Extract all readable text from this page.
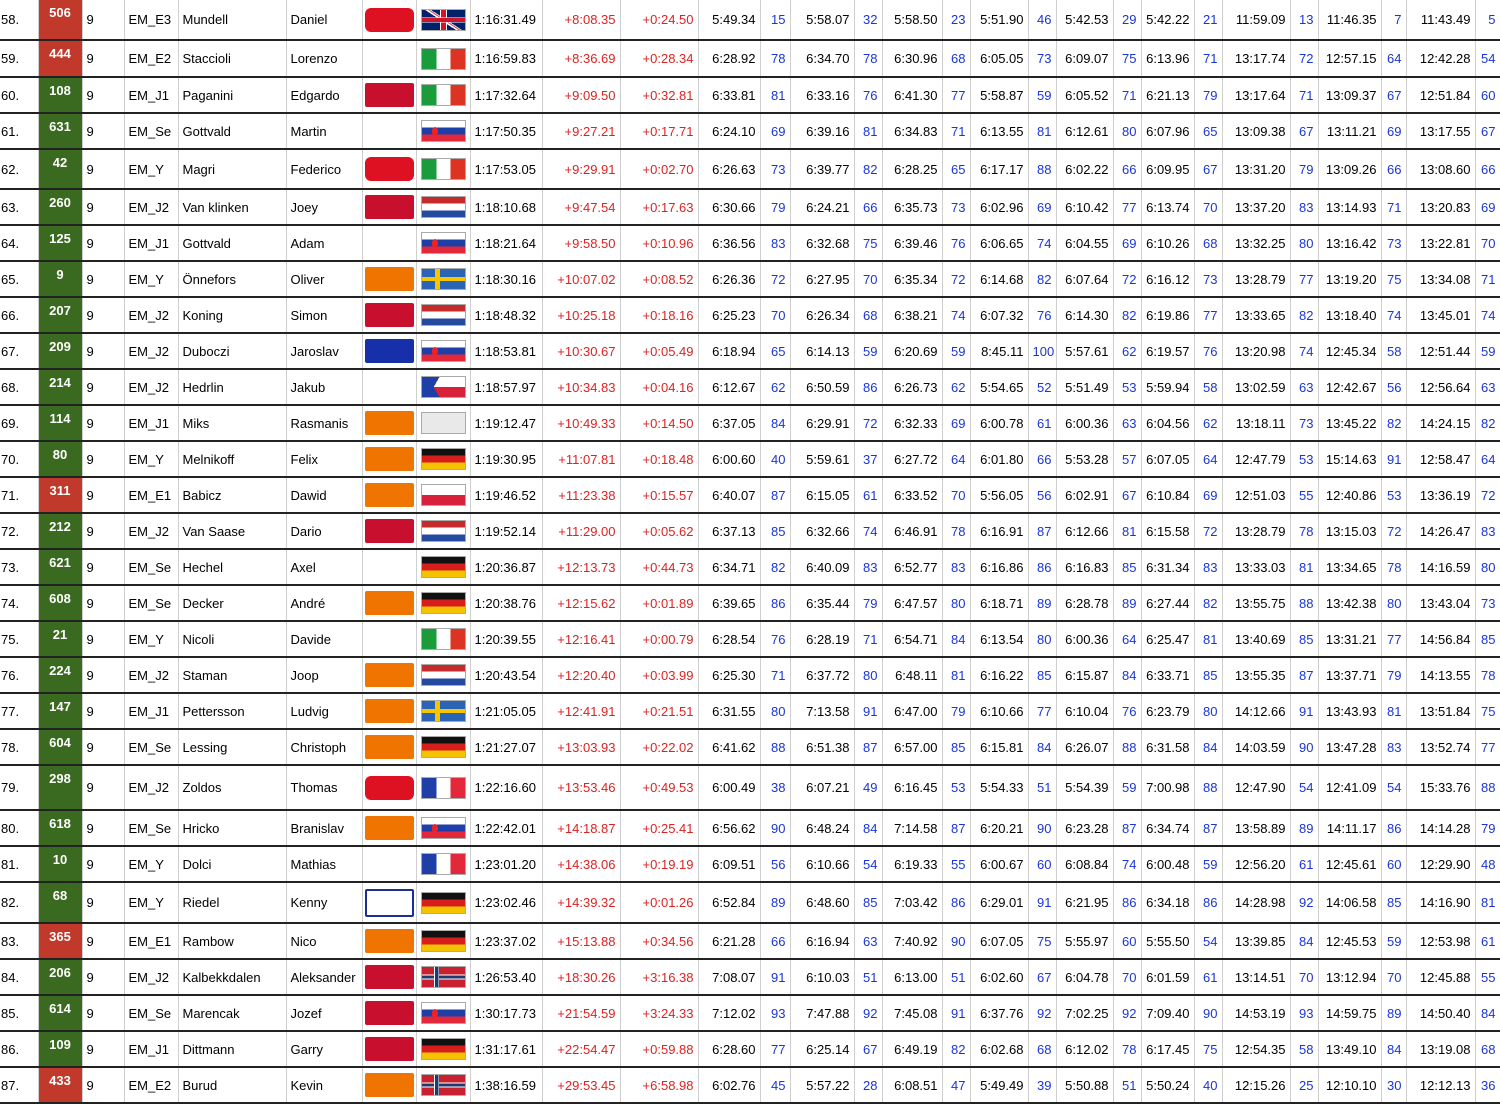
58.	506	9	EM_E3	Mundell	Daniel			1:16:31.49	+8:08.35	+0:24.50	5:49.34	15	5:58.07	32	5:58.50	23	5:51.90	46	5:42.53	29	5:42.22	21	11:59.09	13	11:46.35	7	11:43.49	5
59.	444	9	EM_E2	Staccioli	Lorenzo			1:16:59.83	+8:36.69	+0:28.34	6:28.92	78	6:34.70	78	6:30.96	68	6:05.05	73	6:09.07	75	6:13.96	71	13:17.74	72	12:57.15	64	12:42.28	54
60.	108	9	EM_J1	Paganini	Edgardo			1:17:32.64	+9:09.50	+0:32.81	6:33.81	81	6:33.16	76	6:41.30	77	5:58.87	59	6:05.52	71	6:21.13	79	13:17.64	71	13:09.37	67	12:51.84	60
61.	631	9	EM_Se	Gottvald	Martin			1:17:50.35	+9:27.21	+0:17.71	6:24.10	69	6:39.16	81	6:34.83	71	6:13.55	81	6:12.61	80	6:07.96	65	13:09.38	67	13:11.21	69	13:17.55	67
62.	42	9	EM_Y	Magri	Federico			1:17:53.05	+9:29.91	+0:02.70	6:26.63	73	6:39.77	82	6:28.25	65	6:17.17	88	6:02.22	66	6:09.95	67	13:31.20	79	13:09.26	66	13:08.60	66
63.	260	9	EM_J2	Van klinken	Joey			1:18:10.68	+9:47.54	+0:17.63	6:30.66	79	6:24.21	66	6:35.73	73	6:02.96	69	6:10.42	77	6:13.74	70	13:37.20	83	13:14.93	71	13:20.83	69
64.	125	9	EM_J1	Gottvald	Adam			1:18:21.64	+9:58.50	+0:10.96	6:36.56	83	6:32.68	75	6:39.46	76	6:06.65	74	6:04.55	69	6:10.26	68	13:32.25	80	13:16.42	73	13:22.81	70
65.	9	9	EM_Y	Önnefors	Oliver			1:18:30.16	+10:07.02	+0:08.52	6:26.36	72	6:27.95	70	6:35.34	72	6:14.68	82	6:07.64	72	6:16.12	73	13:28.79	77	13:19.20	75	13:34.08	71
66.	207	9	EM_J2	Koning	Simon			1:18:48.32	+10:25.18	+0:18.16	6:25.23	70	6:26.34	68	6:38.21	74	6:07.32	76	6:14.30	82	6:19.86	77	13:33.65	82	13:18.40	74	13:45.01	74
67.	209	9	EM_J2	Duboczi	Jaroslav			1:18:53.81	+10:30.67	+0:05.49	6:18.94	65	6:14.13	59	6:20.69	59	8:45.11	100	5:57.61	62	6:19.57	76	13:20.98	74	12:45.34	58	12:51.44	59
68.	214	9	EM_J2	Hedrlin	Jakub			1:18:57.97	+10:34.83	+0:04.16	6:12.67	62	6:50.59	86	6:26.73	62	5:54.65	52	5:51.49	53	5:59.94	58	13:02.59	63	12:42.67	56	12:56.64	63
69.	114	9	EM_J1	Miks	Rasmanis			1:19:12.47	+10:49.33	+0:14.50	6:37.05	84	6:29.91	72	6:32.33	69	6:00.78	61	6:00.36	63	6:04.56	62	13:18.11	73	13:45.22	82	14:24.15	82
70.	80	9	EM_Y	Melnikoff	Felix			1:19:30.95	+11:07.81	+0:18.48	6:00.60	40	5:59.61	37	6:27.72	64	6:01.80	66	5:53.28	57	6:07.05	64	12:47.79	53	15:14.63	91	12:58.47	64
71.	311	9	EM_E1	Babicz	Dawid			1:19:46.52	+11:23.38	+0:15.57	6:40.07	87	6:15.05	61	6:33.52	70	5:56.05	56	6:02.91	67	6:10.84	69	12:51.03	55	12:40.86	53	13:36.19	72
72.	212	9	EM_J2	Van Saase	Dario			1:19:52.14	+11:29.00	+0:05.62	6:37.13	85	6:32.66	74	6:46.91	78	6:16.91	87	6:12.66	81	6:15.58	72	13:28.79	78	13:15.03	72	14:26.47	83
73.	621	9	EM_Se	Hechel	Axel			1:20:36.87	+12:13.73	+0:44.73	6:34.71	82	6:40.09	83	6:52.77	83	6:16.86	86	6:16.83	85	6:31.34	83	13:33.03	81	13:34.65	78	14:16.59	80
74.	608	9	EM_Se	Decker	André			1:20:38.76	+12:15.62	+0:01.89	6:39.65	86	6:35.44	79	6:47.57	80	6:18.71	89	6:28.78	89	6:27.44	82	13:55.75	88	13:42.38	80	13:43.04	73
75.	21	9	EM_Y	Nicoli	Davide			1:20:39.55	+12:16.41	+0:00.79	6:28.54	76	6:28.19	71	6:54.71	84	6:13.54	80	6:00.36	64	6:25.47	81	13:40.69	85	13:31.21	77	14:56.84	85
76.	224	9	EM_J2	Staman	Joop			1:20:43.54	+12:20.40	+0:03.99	6:25.30	71	6:37.72	80	6:48.11	81	6:16.22	85	6:15.87	84	6:33.71	85	13:55.35	87	13:37.71	79	14:13.55	78
77.	147	9	EM_J1	Pettersson	Ludvig			1:21:05.05	+12:41.91	+0:21.51	6:31.55	80	7:13.58	91	6:47.00	79	6:10.66	77	6:10.04	76	6:23.79	80	14:12.66	91	13:43.93	81	13:51.84	75
78.	604	9	EM_Se	Lessing	Christoph			1:21:27.07	+13:03.93	+0:22.02	6:41.62	88	6:51.38	87	6:57.00	85	6:15.81	84	6:26.07	88	6:31.58	84	14:03.59	90	13:47.28	83	13:52.74	77
79.	298	9	EM_J2	Zoldos	Thomas			1:22:16.60	+13:53.46	+0:49.53	6:00.49	38	6:07.21	49	6:16.45	53	5:54.33	51	5:54.39	59	7:00.98	88	12:47.90	54	12:41.09	54	15:33.76	88
80.	618	9	EM_Se	Hricko	Branislav			1:22:42.01	+14:18.87	+0:25.41	6:56.62	90	6:48.24	84	7:14.58	87	6:20.21	90	6:23.28	87	6:34.74	87	13:58.89	89	14:11.17	86	14:14.28	79
81.	10	9	EM_Y	Dolci	Mathias			1:23:01.20	+14:38.06	+0:19.19	6:09.51	56	6:10.66	54	6:19.33	55	6:00.67	60	6:08.84	74	6:00.48	59	12:56.20	61	12:45.61	60	12:29.90	48
82.	68	9	EM_Y	Riedel	Kenny			1:23:02.46	+14:39.32	+0:01.26	6:52.84	89	6:48.60	85	7:03.42	86	6:29.01	91	6:21.95	86	6:34.18	86	14:28.98	92	14:06.58	85	14:16.90	81
83.	365	9	EM_E1	Rambow	Nico			1:23:37.02	+15:13.88	+0:34.56	6:21.28	66	6:16.94	63	7:40.92	90	6:07.05	75	5:55.97	60	5:55.50	54	13:39.85	84	12:45.53	59	12:53.98	61
84.	206	9	EM_J2	Kalbekkdalen	Aleksander			1:26:53.40	+18:30.26	+3:16.38	7:08.07	91	6:10.03	51	6:13.00	51	6:02.60	67	6:04.78	70	6:01.59	61	13:14.51	70	13:12.94	70	12:45.88	55
85.	614	9	EM_Se	Marencak	Jozef			1:30:17.73	+21:54.59	+3:24.33	7:12.02	93	7:47.88	92	7:45.08	91	6:37.76	92	7:02.25	92	7:09.40	90	14:53.19	93	14:59.75	89	14:50.40	84
86.	109	9	EM_J1	Dittmann	Garry			1:31:17.61	+22:54.47	+0:59.88	6:28.60	77	6:25.14	67	6:49.19	82	6:02.68	68	6:12.02	78	6:17.45	75	12:54.35	58	13:49.10	84	13:19.08	68
87.	433	9	EM_E2	Burud	Kevin			1:38:16.59	+29:53.45	+6:58.98	6:02.76	45	5:57.22	28	6:08.51	47	5:49.49	39	5:50.88	51	5:50.24	40	12:15.26	25	12:10.10	30	12:12.13	36
